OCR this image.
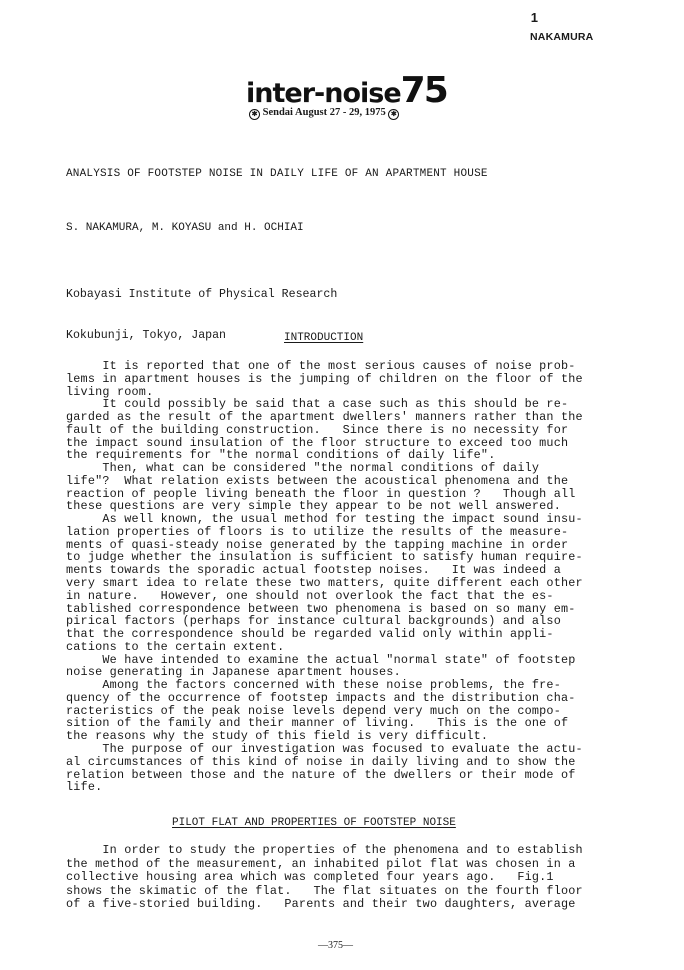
1
NAKAMURA
inter-noise75
✱ Sendai August 27 - 29, 1975 ✱
ANALYSIS OF FOOTSTEP NOISE IN DAILY LIFE OF AN APARTMENT HOUSE
S. NAKAMURA, M. KOYASU and H. OCHIAI

Kobayasi Institute of Physical Research

Kokubunji, Tokyo, Japan	INTRODUCTION
It is reported that one of the most serious causes of noise prob-
lems in apartment houses is the jumping of children on the floor of the
living room.
It could possibly be said that a case such as this should be re-
garded as the result of the apartment dwellers' manners rather than the
fault of the building construction.   Since there is no necessity for
the impact sound insulation of the floor structure to exceed too much
the requirements for "the normal conditions of daily life".
Then, what can be considered "the normal conditions of daily
life"?  What relation exists between the acoustical phenomena and the
reaction of people living beneath the floor in question ?   Though all
these questions are very simple they appear to be not well answered.
As well known, the usual method for testing the impact sound insu-
lation properties of floors is to utilize the results of the measure-
ments of quasi-steady noise generated by the tapping machine in order
to judge whether the insulation is sufficient to satisfy human require-
ments towards the sporadic actual footstep noises.   It was indeed a
very smart idea to relate these two matters, quite different each other
in nature.   However, one should not overlook the fact that the es-
tablished correspondence between two phenomena is based on so many em-
pirical factors (perhaps for instance cultural backgrounds) and also
that the correspondence should be regarded valid only within appli-
cations to the certain extent.
We have intended to examine the actual "normal state" of footstep
noise generating in Japanese apartment houses.
Among the factors concerned with these noise problems, the fre-
quency of the occurrence of footstep impacts and the distribution cha-
racteristics of the peak noise levels depend very much on the compo-
sition of the family and their manner of living.   This is the one of
the reasons why the study of this field is very difficult.
The purpose of our investigation was focused to evaluate the actu-
al circumstances of this kind of noise in daily living and to show the
relation between those and the nature of the dwellers or their mode of
life.
PILOT FLAT AND PROPERTIES OF FOOTSTEP NOISE
In order to study the properties of the phenomena and to establish
the method of the measurement, an inhabited pilot flat was chosen in a
collective housing area which was completed four years ago.   Fig.1
shows the skimatic of the flat.   The flat situates on the fourth floor
of a five-storied building.   Parents and their two daughters, average
—375—
